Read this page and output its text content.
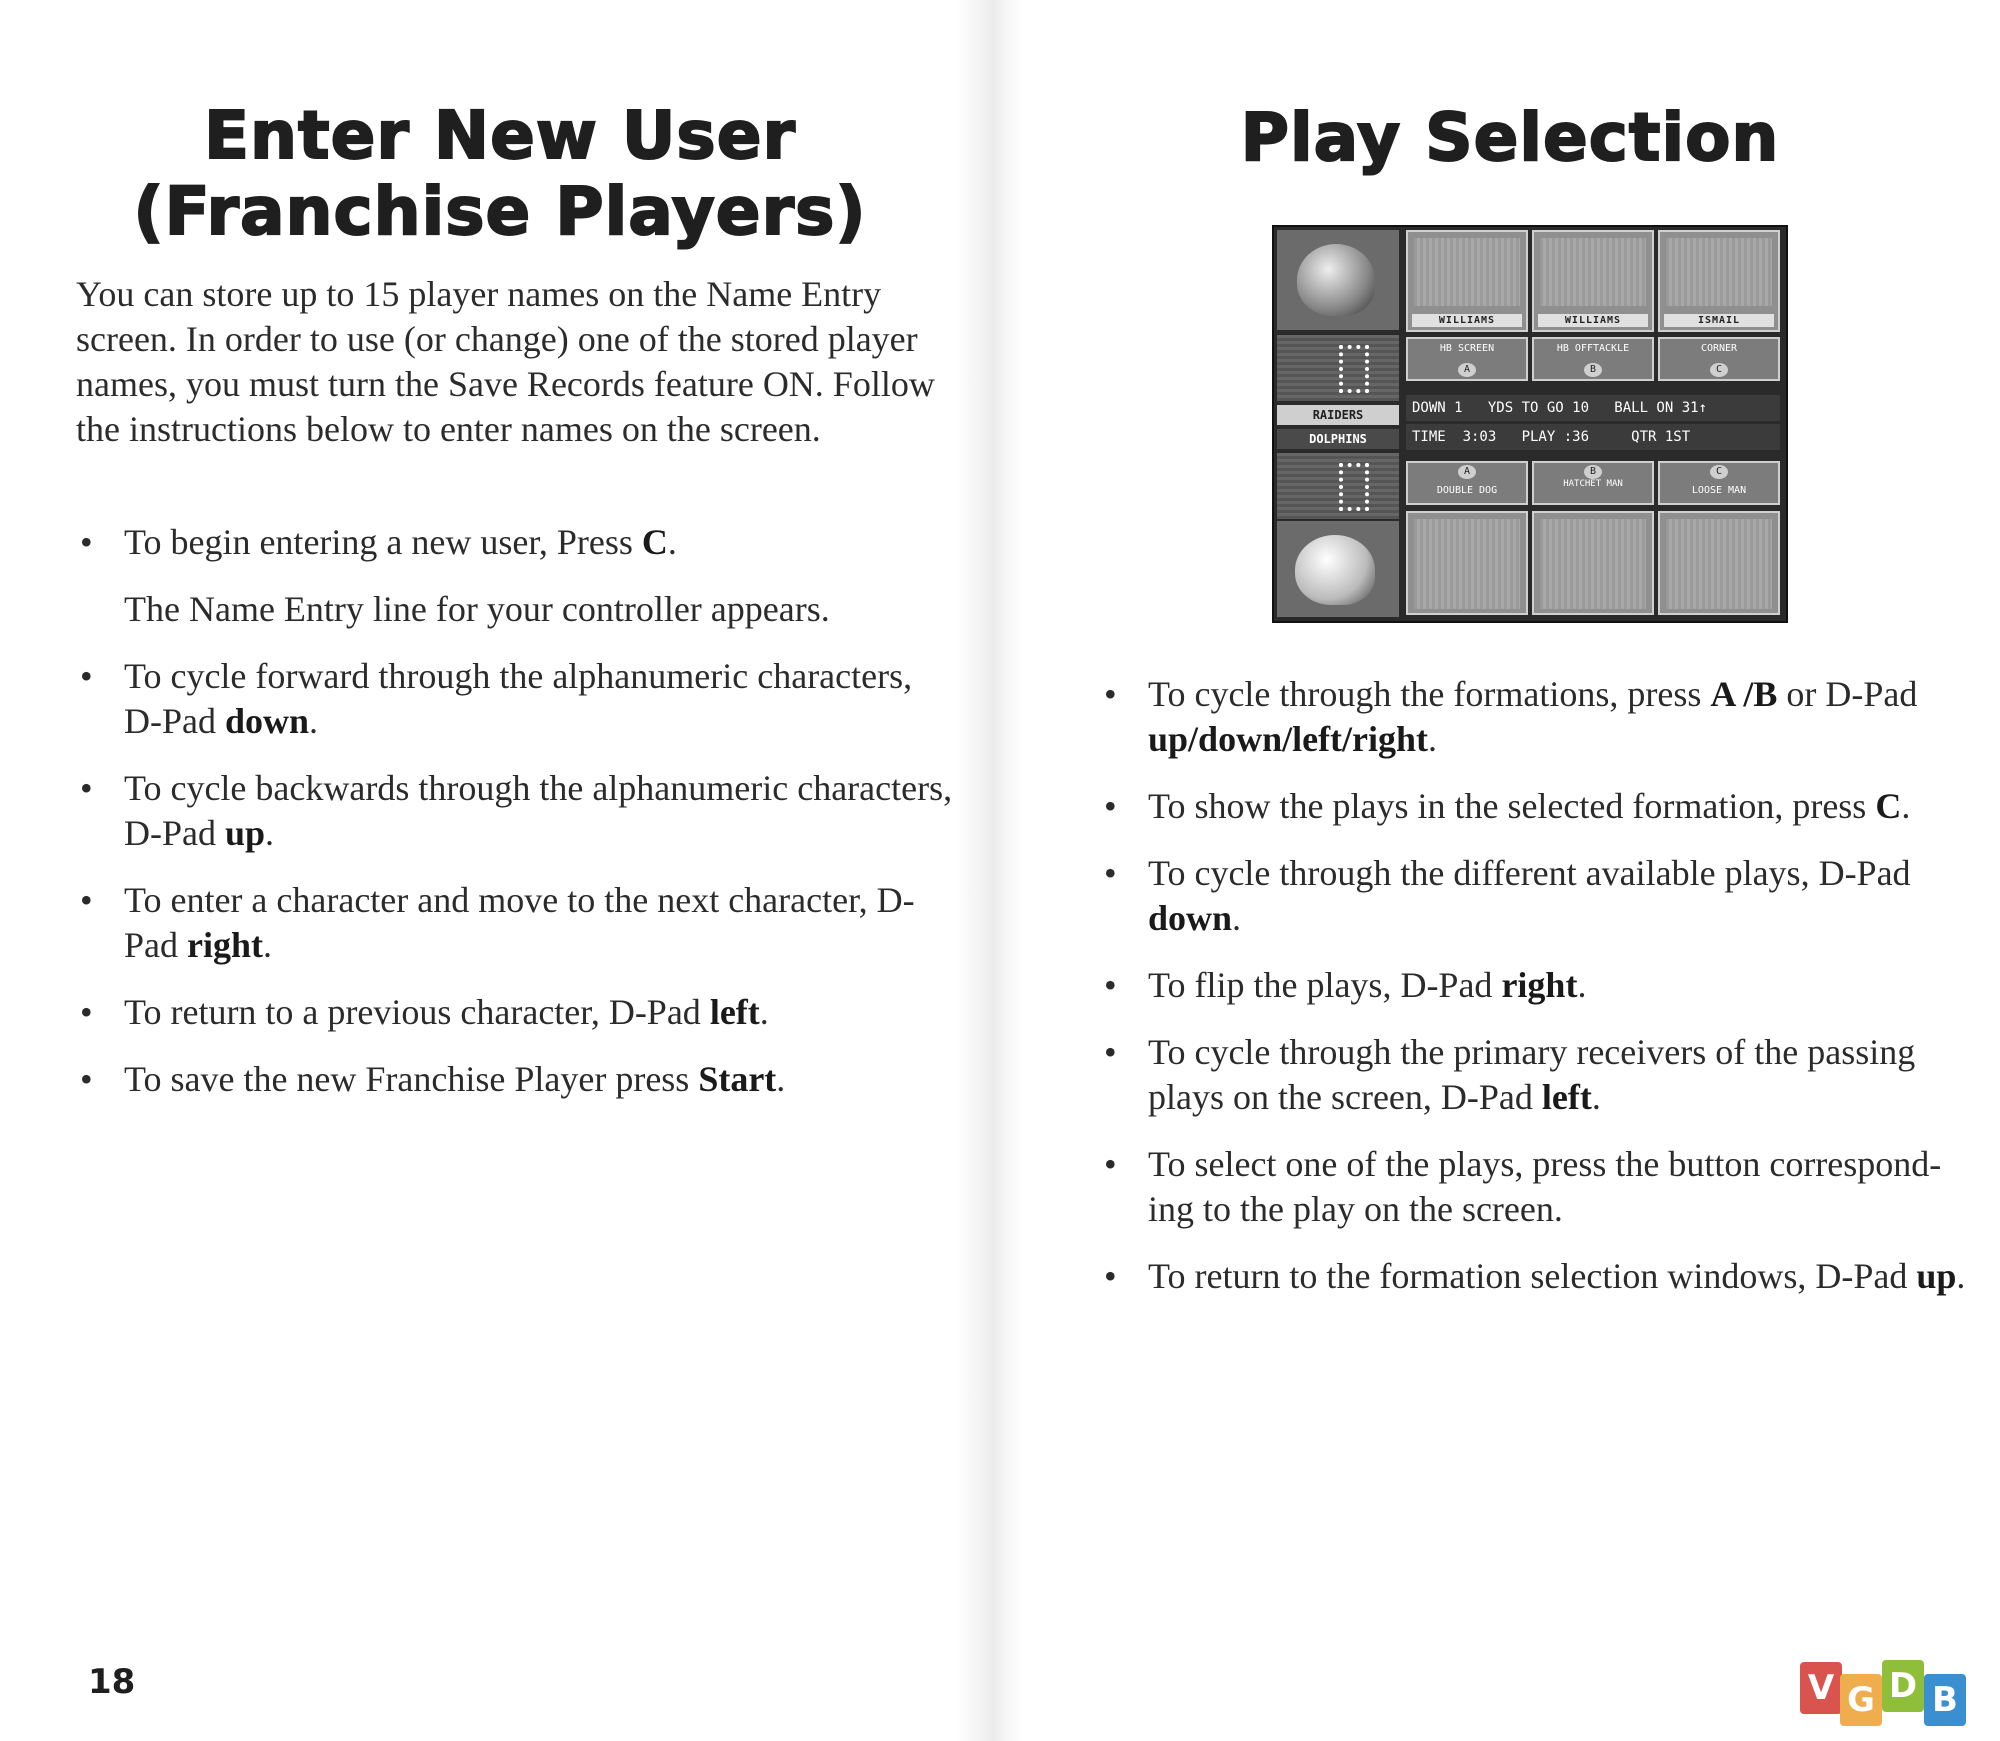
Enter New User
(Franchise Players)

You can store up to 15 player names on the Name Entry screen. In order to use (or change) one of the stored player names, you must turn the Save Records feature ON. Follow the instructions below to enter names on the screen.

• To begin entering a new user, Press C.
The Name Entry line for your controller appears.
• To cycle forward through the alphanumeric characters, D-Pad down.
• To cycle backwards through the alphanumeric characters, D-Pad up.
• To enter a character and move to the next character, D-Pad right.
• To return to a previous character, D-Pad left.
• To save the new Franchise Player press Start.
18
Play Selection
RAIDERS
DOLPHINS
WILLIAMS	WILLIAMS	ISMAIL
HB SCREEN
A
HB OFFTACKLE
B
CORNER
C
DOWN 1   YDS TO GO 10   BALL ON 31↑
TIME  3:03   PLAY :36     QTR 1ST
A
DOUBLE DOG
B
HATCHET MAN
C
LOOSE MAN
• To cycle through the formations, press A /B or D-Pad up/down/left/right.
• To show the plays in the selected formation, press C.
• To cycle through the different available plays, D-Pad down.
• To flip the plays, D-Pad right.
• To cycle through the primary receivers of the passing plays on the screen, D-Pad left.
• To select one of the plays, press the button correspond-ing to the play on the screen.
• To return to the formation selection windows, D-Pad up.
V G D B
